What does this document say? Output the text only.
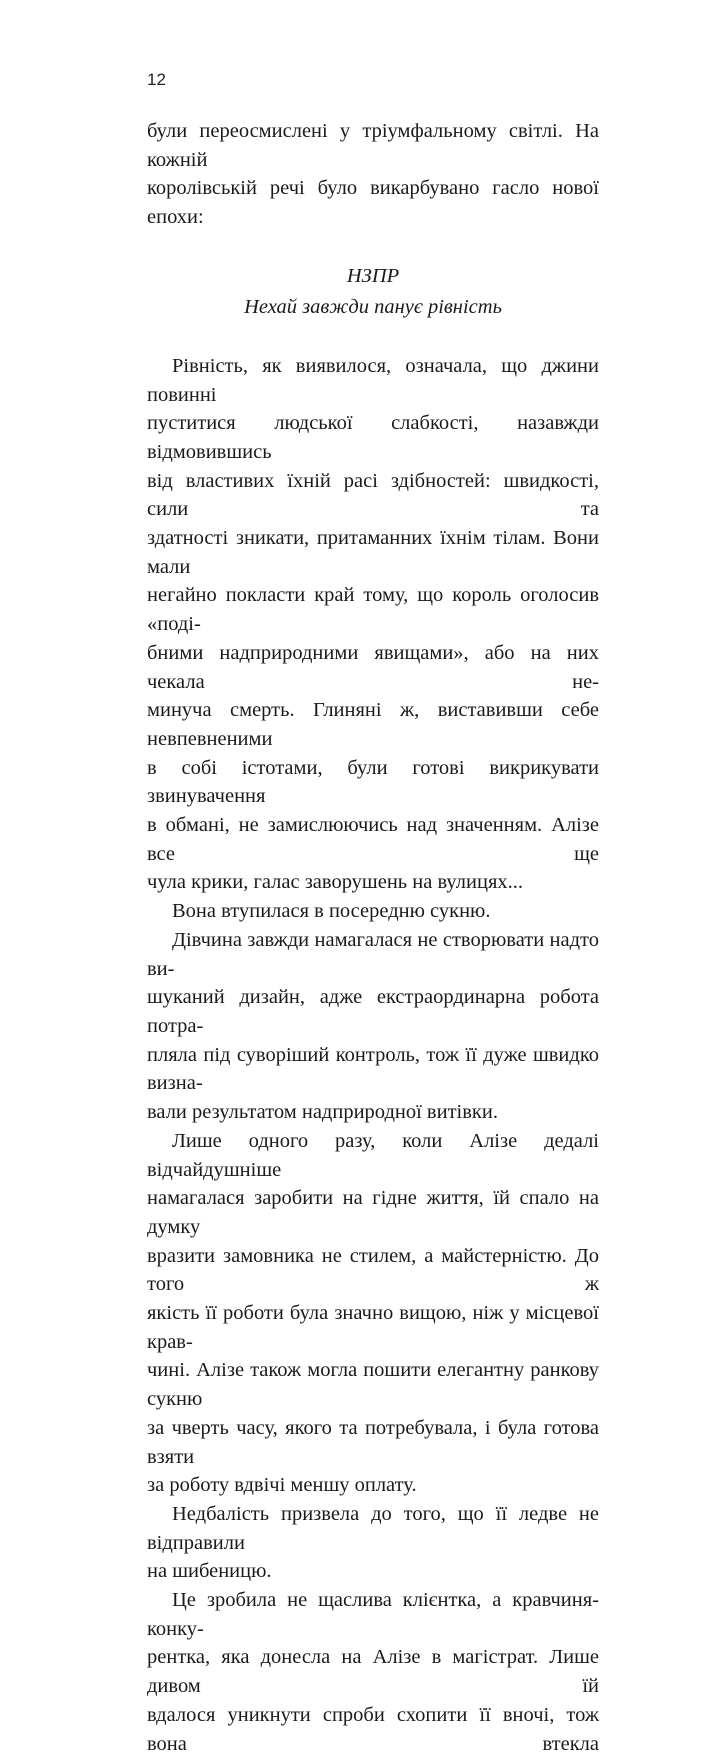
12

були переосмислені у тріумфальному світлі. На кожній

королівській речі було викарбувано гасло нової епохи:

НЗПР
Нехай завжди панує рівність

Рівність, як виявилося, означала, що джини повинні

пуститися людської слабкості, назавжди відмовившись

від властивих їхній расі здібностей: швидкості, сили та

здатності зникати, притаманних їхнім тілам. Вони мали

негайно покласти край тому, що король оголосив «поді-

бними надприродними явищами», або на них чекала не-

минуча смерть. Глиняні ж, виставивши себе невпевненими

в собі істотами, були готові викрикувати звинувачення

в обмані, не замислюючись над значенням. Алізе все ще

чула крики, галас заворушень на вулицях...

Вона втупилася в посередню сукню.

Дівчина завжди намагалася не створювати надто ви-

шуканий дизайн, адже екстраординарна робота потра-

пляла під суворіший контроль, тож її дуже швидко визна-

вали результатом надприродної витівки.

Лише одного разу, коли Алізе дедалі відчайдушніше

намагалася заробити на гідне життя, їй спало на думку

вразити замовника не стилем, а майстерністю. До того ж

якість її роботи була значно вищою, ніж у місцевої крав-

чині. Алізе також могла пошити елегантну ранкову сукню

за чверть часу, якого та потребувала, і була готова взяти

за роботу вдвічі меншу оплату.

Недбалість призвела до того, що її ледве не відправили

на шибеницю.

Це зробила не щаслива клієнтка, а кравчиня-конку-

рентка, яка донесла на Алізе в магістрат. Лише дивом їй

вдалося уникнути спроби схопити її вночі, тож вона втекла
